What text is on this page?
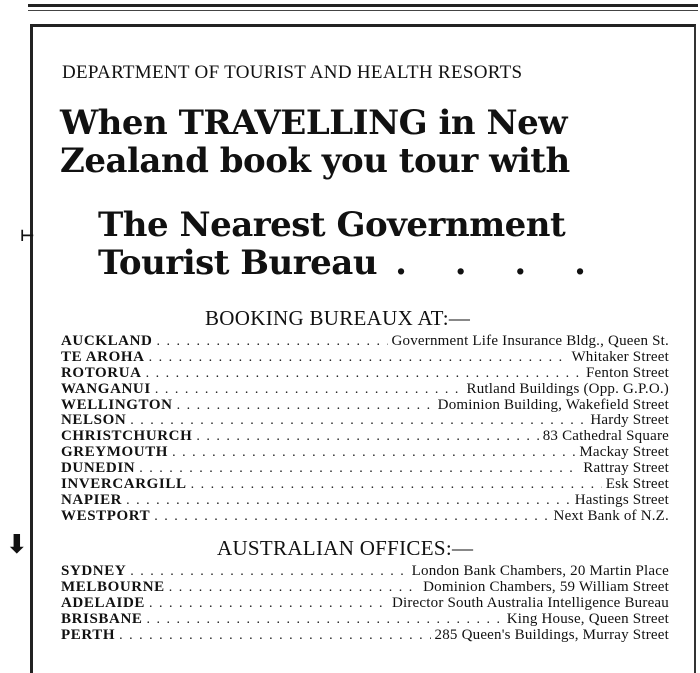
⊢
⬇
DEPARTMENT OF TOURIST AND HEALTH RESORTS
When TRAVELLING in New
Zealand book you tour with
The Nearest Government
Tourist Bureau . . . .
BOOKING BUREAUX AT:—
AUCKLAND . . .	Government Life Insurance Bldg., Queen St.
TE AROHA . . .	Whitaker Street
ROTORUA . . .	Fenton Street
WANGANUI . . .	Rutland Buildings (Opp. G.P.O.)
WELLINGTON . . .	Dominion Building, Wakefield Street
NELSON . . .	Hardy Street
CHRISTCHURCH . . .	83 Cathedral Square
GREYMOUTH . . .	Mackay Street
DUNEDIN . . .	Rattray Street
INVERCARGILL . . .	Esk Street
NAPIER . . .	Hastings Street
WESTPORT . . .	Next Bank of N.Z.
AUSTRALIAN OFFICES:—
SYDNEY . . .	London Bank Chambers, 20 Martin Place
MELBOURNE . . .	Dominion Chambers, 59 William Street
ADELAIDE . . .	Director South Australia Intelligence Bureau
BRISBANE . . .	King House, Queen Street
PERTH . . .	285 Queen's Buildings, Murray Street
